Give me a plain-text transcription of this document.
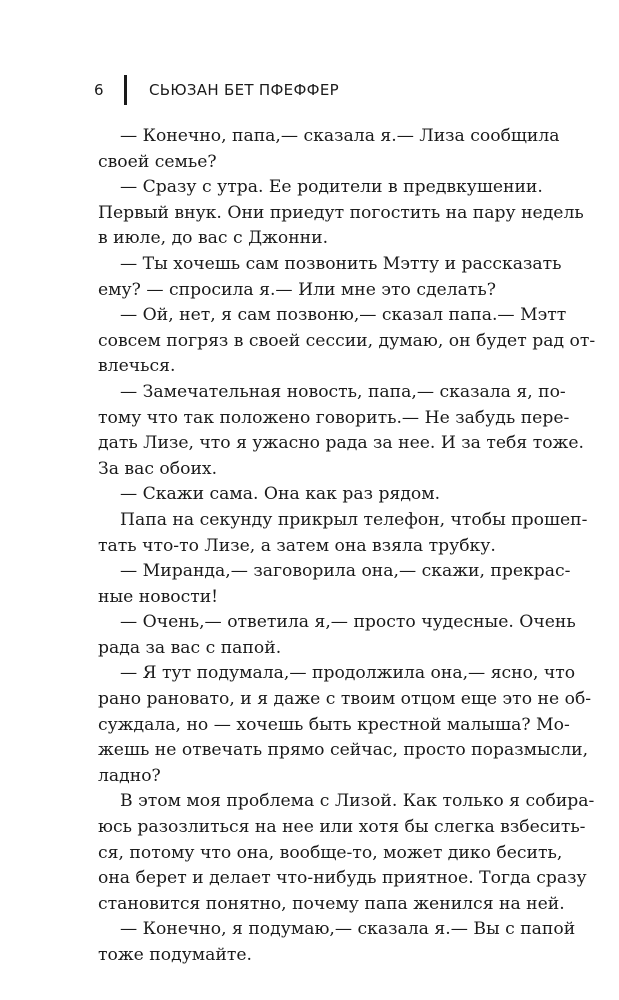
6	СЬЮЗАН БЕТ ПФЕФФЕР

— Конечно, папа,— сказала я.— Лиза сообщила
своей семье?

— Сразу с утра. Ее родители в предвкушении.
Первый внук. Они приедут погостить на пару недель
в июле, до вас с Джонни.

— Ты хочешь сам позвонить Мэтту и рассказать
ему? — спросила я.— Или мне это сделать?

— Ой, нет, я сам позвоню,— сказал папа.— Мэтт
совсем погряз в своей сессии, думаю, он будет рад от-
влечься.

— Замечательная новость, папа,— сказала я, по-
тому что так положено говорить.— Не забудь пере-
дать Лизе, что я ужасно рада за нее. И за тебя тоже.
За вас обоих.

— Скажи сама. Она как раз рядом.

Папа на секунду прикрыл телефон, чтобы прошеп-
тать что-то Лизе, а затем она взяла трубку.

— Миранда,— заговорила она,— скажи, прекрас-
ные новости!

— Очень,— ответила я,— просто чудесные. Очень
рада за вас с папой.

— Я тут подумала,— продолжила она,— ясно, что
рано рановато, и я даже с твоим отцом еще это не об-
суждала, но — хочешь быть крестной малыша? Мо-
жешь не отвечать прямо сейчас, просто поразмысли,
ладно?

В этом моя проблема с Лизой. Как только я собира-
юсь разозлиться на нее или хотя бы слегка взбесить-
ся, потому что она, вообще-то, может дико бесить,
она берет и делает что-нибудь приятное. Тогда сразу
становится понятно, почему папа женился на ней.

— Конечно, я подумаю,— сказала я.— Вы с папой
тоже подумайте.
